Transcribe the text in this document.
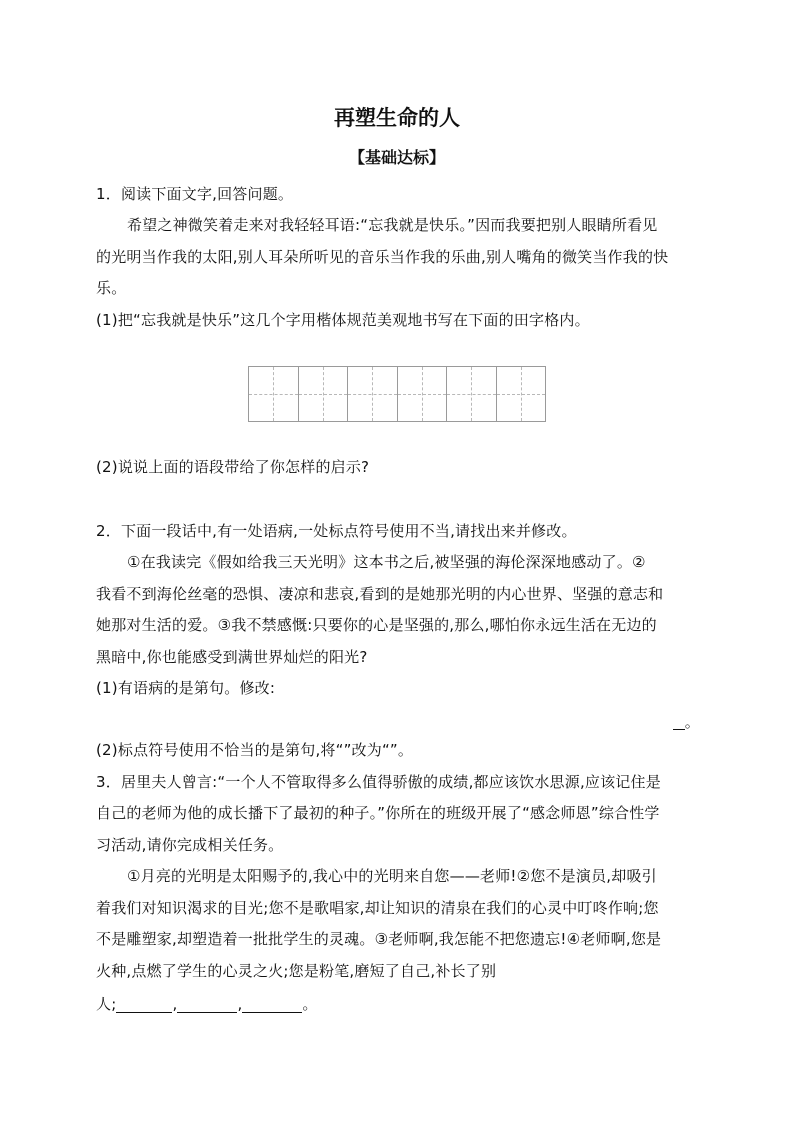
再塑生命的人
【基础达标】
1．阅读下面文字,回答问题。
希望之神微笑着走来对我轻轻耳语:“忘我就是快乐。”因而我要把别人眼睛所看见
的光明当作我的太阳,别人耳朵所听见的音乐当作我的乐曲,别人嘴角的微笑当作我的快
乐。
(1)把“忘我就是快乐”这几个字用楷体规范美观地书写在下面的田字格内。
(2)说说上面的语段带给了你怎样的启示?
2．下面一段话中,有一处语病,一处标点符号使用不当,请找出来并修改。
①在我读完《假如给我三天光明》这本书之后,被坚强的海伦深深地感动了。②
我看不到海伦丝毫的恐惧、凄凉和悲哀,看到的是她那光明的内心世界、坚强的意志和
她那对生活的爱。③我不禁感慨:只要你的心是坚强的,那么,哪怕你永远生活在无边的
黑暗中,你也能感受到满世界灿烂的阳光?
(1)有语病的是第句。修改:
。
(2)标点符号使用不恰当的是第句,将“”改为“”。
3．居里夫人曾言:“一个人不管取得多么值得骄傲的成绩,都应该饮水思源,应该记住是
自己的老师为他的成长播下了最初的种子。”你所在的班级开展了“感念师恩”综合性学
习活动,请你完成相关任务。
①月亮的光明是太阳赐予的,我心中的光明来自您——老师!②您不是演员,却吸引
着我们对知识渴求的目光;您不是歌唱家,却让知识的清泉在我们的心灵中叮咚作响;您
不是雕塑家,却塑造着一批批学生的灵魂。③老师啊,我怎能不把您遗忘!④老师啊,您是
火种,点燃了学生的心灵之火;您是粉笔,磨短了自己,补长了别
人;	,	,	。
